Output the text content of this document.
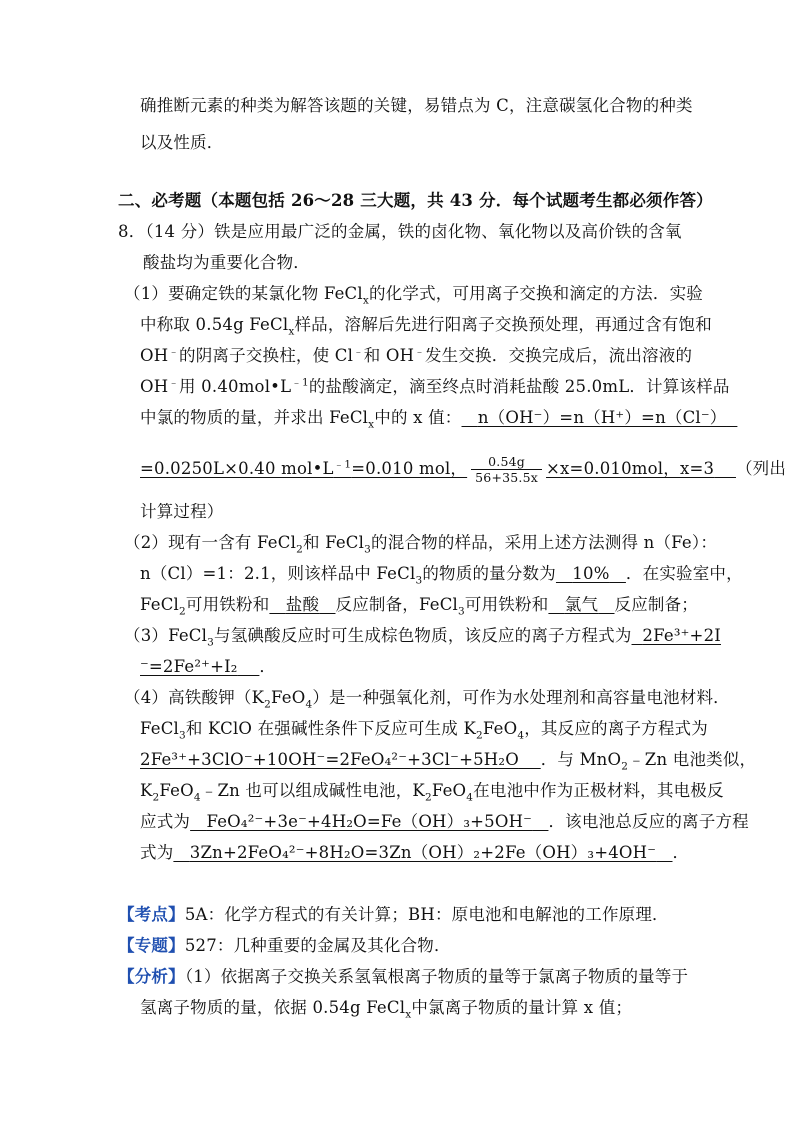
确推断元素的种类为解答该题的关键，易错点为 C，注意碳氢化合物的种类
以及性质．
二、必考题（本题包括 26～28 三大题，共 43 分．每个试题考生都必须作答）
8．（14 分）铁是应用最广泛的金属，铁的卤化物、氧化物以及高价铁的含氧
酸盐均为重要化合物．
（1）要确定铁的某氯化物 FeCl$_x$的化学式，可用离子交换和滴定的方法．实验
中称取 0.54g FeCl$_x$样品，溶解后先进行阳离子交换预处理，再通过含有饱和
OH﹣的阴离子交换柱，使 Cl﹣和 OH﹣发生交换．交换完成后，流出溶液的
OH﹣用 $0.40mol•L^{﹣1}$的盐酸滴定，滴至终点时消耗盐酸 25.0mL．计算该样品
中氯的物质的量，并求出 FeCl$_x$中的 x 值： n（OH⁻）=n（H⁺）=n（Cl⁻）
=0.0250L×0.40 $mol•L^{﹣1}=0.010$ mol， $\frac{0.54g}{56+35.5x} \times x=0.010mol$，x=3 （列出
计算过程）
（2）现有一含有 FeCl$_2$和 FeCl$_3$的混合物的样品，采用上述方法测得 n（Fe）：
n（Cl）=1：2.1，则该样品中 FeCl$_3$的物质的量分数为 10% ．在实验室中，
FeCl$_2$可用铁粉和 盐酸 反应制备，FeCl$_3$可用铁粉和 氯气 反应制备；
（3）FeCl$_3$与氢碘酸反应时可生成棕色物质，该反应的离子方程式为 2Fe³⁺+2I
⁻=2Fe²⁺+I₂ ．
（4）高铁酸钾$(K_2FeO_4)$是一种强氧化剂，可作为水处理剂和高容量电池材料．
FeCl$_3$和 KClO 在强碱性条件下反应可生成 $K_2FeO_4$，其反应的离子方程式为
2Fe³⁺+3ClO⁻+10OH⁻=2FeO₄²⁻+3Cl⁻+5H₂O ．与 MnO$_2$﹣Zn 电池类似，
$K_2FeO_4﹣Zn$ 也可以组成碱性电池，$K_2FeO_4$在电池中作为正极材料，其电极反
应式为 FeO₄²⁻+3e⁻+4H₂O=Fe（OH）₃+5OH⁻ ．该电池总反应的离子方程
式为 3Zn+2FeO₄²⁻+8H₂O=3Zn（OH）₂+2Fe（OH）₃+4OH⁻ ．
【考点】5A：化学方程式的有关计算；BH：原电池和电解池的工作原理．
【专题】527：几种重要的金属及其化合物．
【分析】（1）依据离子交换关系氢氧根离子物质的量等于氯离子物质的量等于
氢离子物质的量，依据 0.54g FeCl$_x$中氯离子物质的量计算 x 值；
